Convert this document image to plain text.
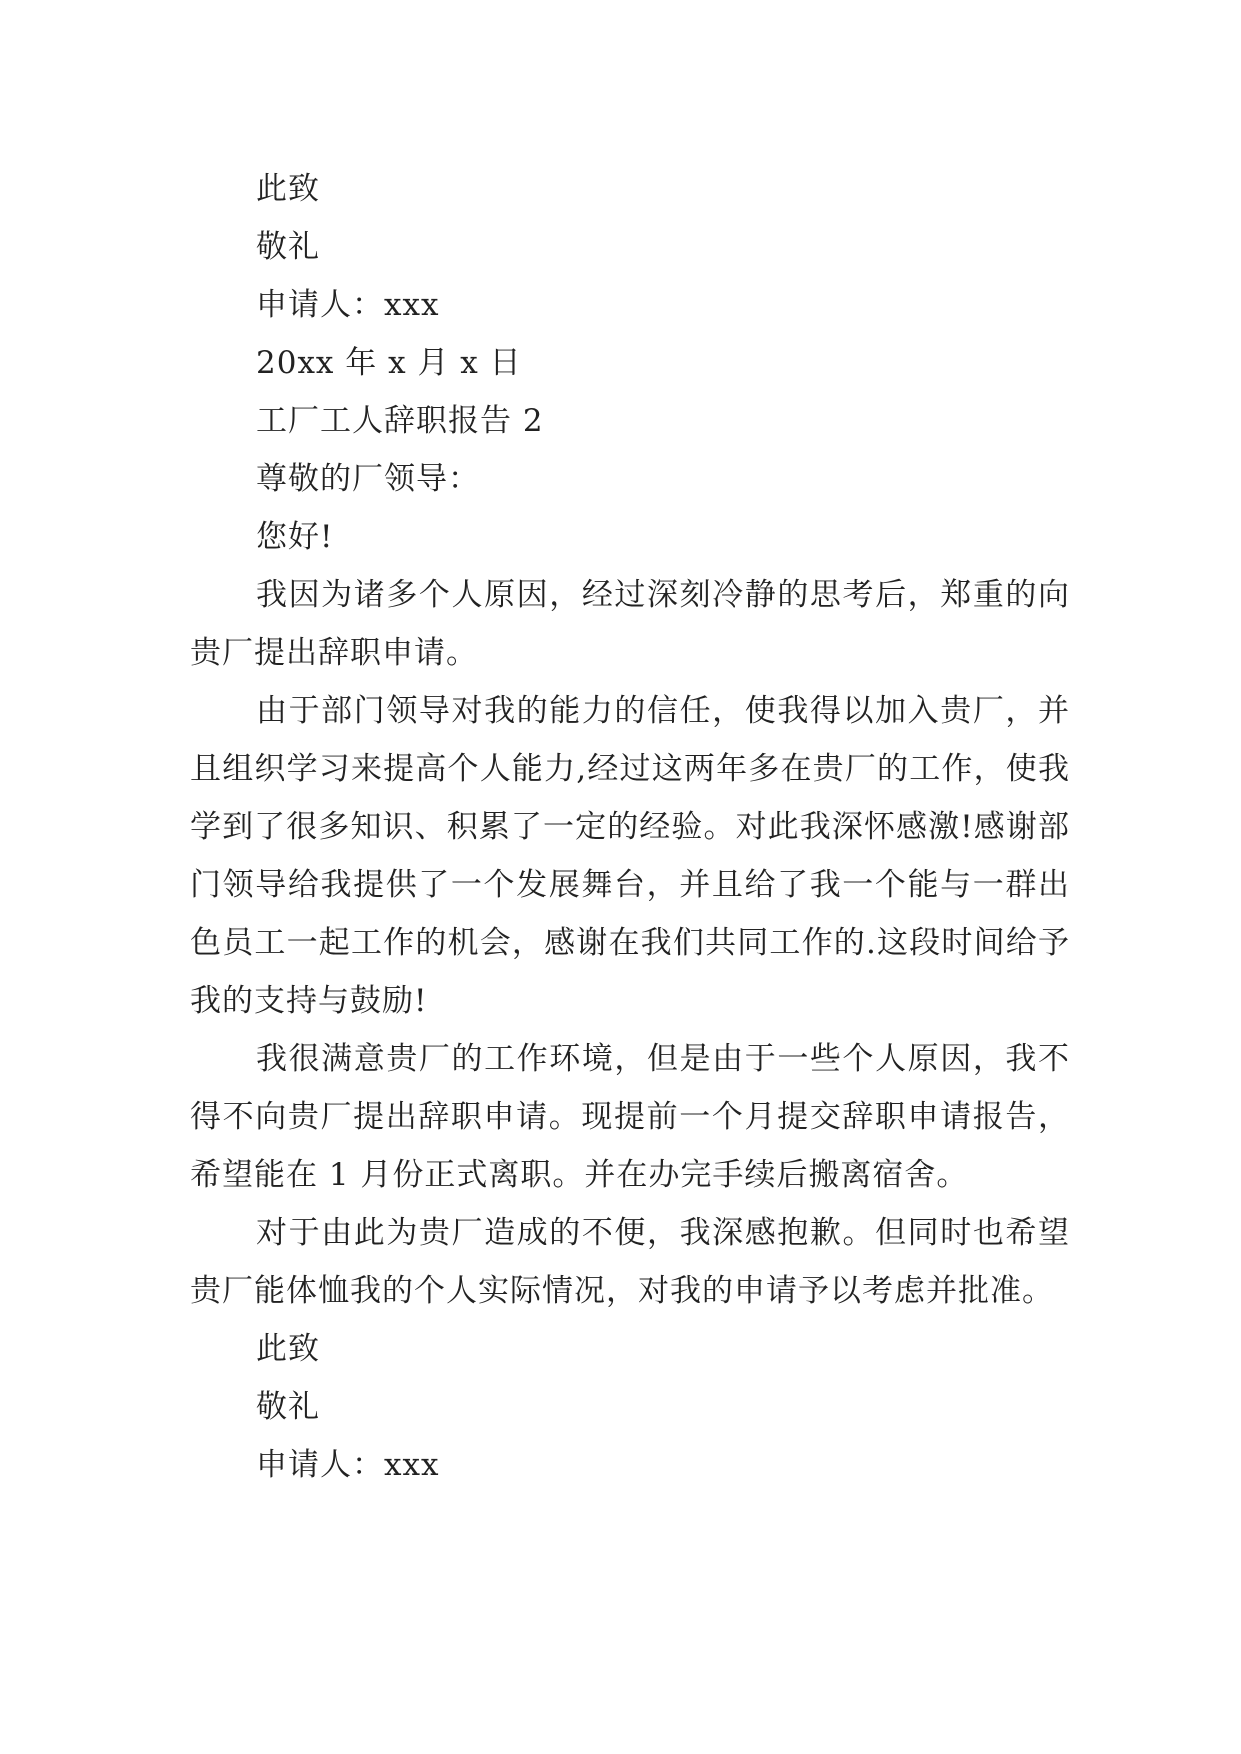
此致

敬礼

申请人：xxx

20xx 年 x 月 x 日

工厂工人辞职报告 2

尊敬的厂领导：

您好!

我因为诸多个人原因，经过深刻冷静的思考后，郑重的向贵厂提出辞职申请。

由于部门领导对我的能力的信任，使我得以加入贵厂，并且组织学习来提高个人能力,经过这两年多在贵厂的工作，使我学到了很多知识、积累了一定的经验。对此我深怀感激!感谢部门领导给我提供了一个发展舞台，并且给了我一个能与一群出色员工一起工作的机会，感谢在我们共同工作的.这段时间给予我的支持与鼓励!

我很满意贵厂的工作环境，但是由于一些个人原因，我不得不向贵厂提出辞职申请。现提前一个月提交辞职申请报告，希望能在 1 月份正式离职。并在办完手续后搬离宿舍。

对于由此为贵厂造成的不便，我深感抱歉。但同时也希望贵厂能体恤我的个人实际情况，对我的申请予以考虑并批准。

此致

敬礼

申请人：xxx
